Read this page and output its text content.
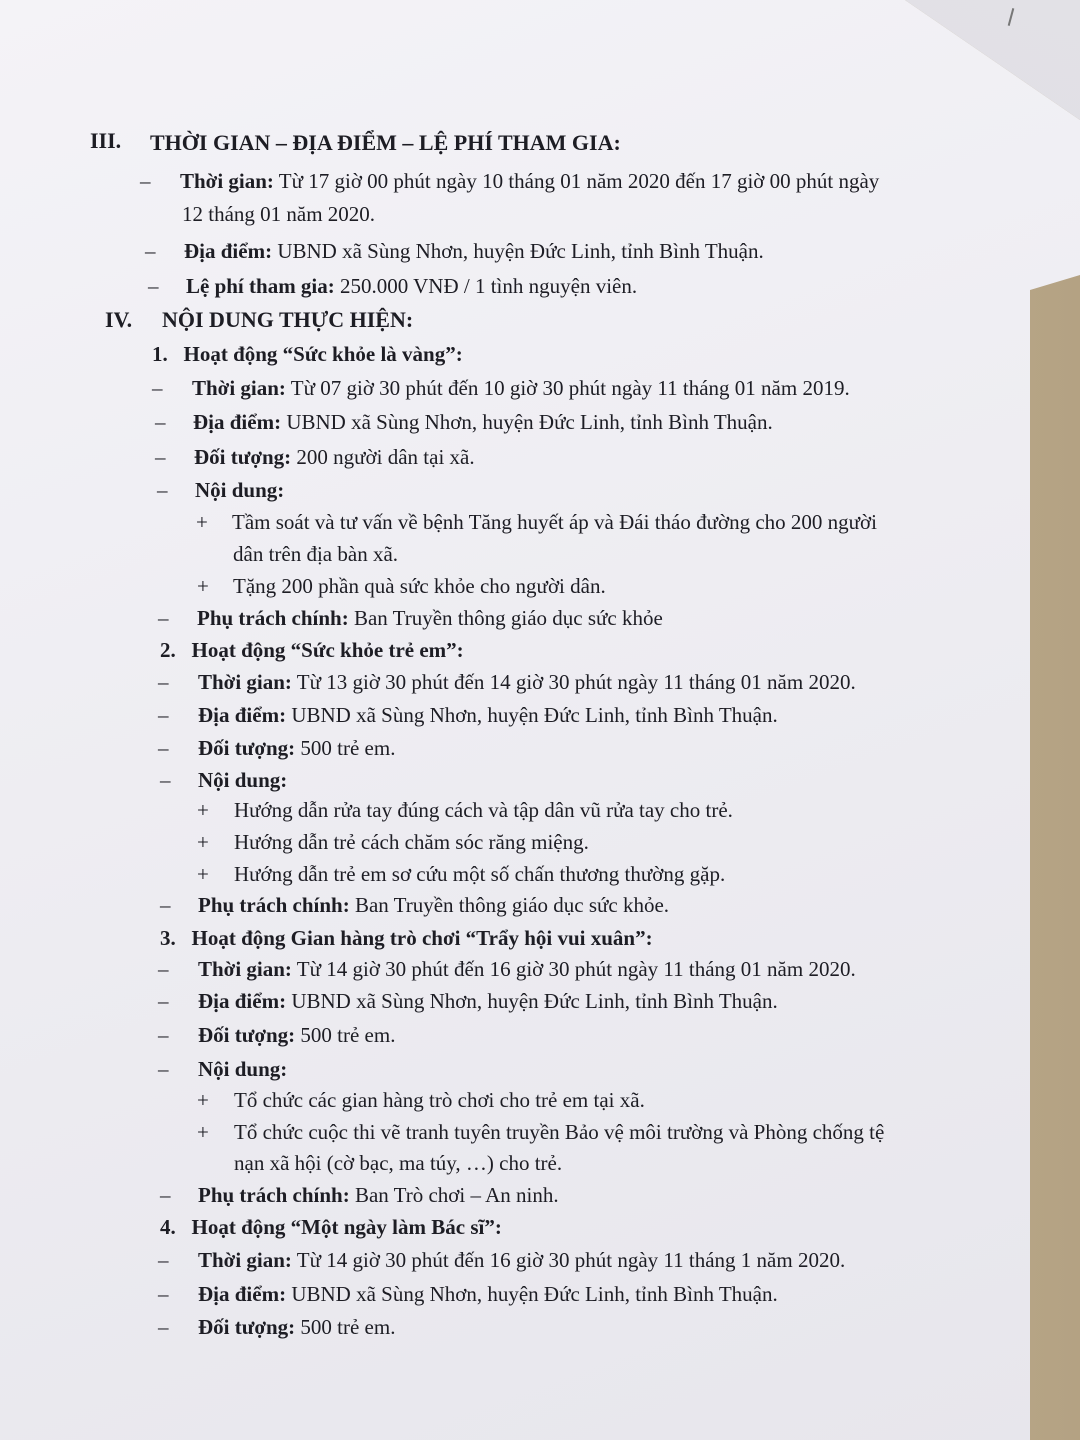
III. THỜI GIAN – ĐỊA ĐIỂM – LỆ PHÍ THAM GIA:
– Thời gian: Từ 17 giờ 00 phút ngày 10 tháng 01 năm 2020 đến 17 giờ 00 phút ngày
12 tháng 01 năm 2020.
– Địa điểm: UBND xã Sùng Nhơn, huyện Đức Linh, tỉnh Bình Thuận.
– Lệ phí tham gia: 250.000 VNĐ / 1 tình nguyện viên.
IV. NỘI DUNG THỰC HIỆN:
1. Hoạt động “Sức khỏe là vàng”:
– Thời gian: Từ 07 giờ 30 phút đến 10 giờ 30 phút ngày 11 tháng 01 năm 2019.
– Địa điểm: UBND xã Sùng Nhơn, huyện Đức Linh, tỉnh Bình Thuận.
– Đối tượng: 200 người dân tại xã.
– Nội dung:
+ Tầm soát và tư vấn về bệnh Tăng huyết áp và Đái tháo đường cho 200 người
dân trên địa bàn xã.
+ Tặng 200 phần quà sức khỏe cho người dân.
– Phụ trách chính: Ban Truyền thông giáo dục sức khỏe
2. Hoạt động “Sức khỏe trẻ em”:
– Thời gian: Từ 13 giờ 30 phút đến 14 giờ 30 phút ngày 11 tháng 01 năm 2020.
– Địa điểm: UBND xã Sùng Nhơn, huyện Đức Linh, tỉnh Bình Thuận.
– Đối tượng: 500 trẻ em.
– Nội dung:
+ Hướng dẫn rửa tay đúng cách và tập dân vũ rửa tay cho trẻ.
+ Hướng dẫn trẻ cách chăm sóc răng miệng.
+ Hướng dẫn trẻ em sơ cứu một số chấn thương thường gặp.
– Phụ trách chính: Ban Truyền thông giáo dục sức khỏe.
3. Hoạt động Gian hàng trò chơi “Trẩy hội vui xuân”:
– Thời gian: Từ 14 giờ 30 phút đến 16 giờ 30 phút ngày 11 tháng 01 năm 2020.
– Địa điểm: UBND xã Sùng Nhơn, huyện Đức Linh, tỉnh Bình Thuận.
– Đối tượng: 500 trẻ em.
– Nội dung:
+ Tổ chức các gian hàng trò chơi cho trẻ em tại xã.
+ Tổ chức cuộc thi vẽ tranh tuyên truyền Bảo vệ môi trường và Phòng chống tệ
nạn xã hội (cờ bạc, ma túy, …) cho trẻ.
– Phụ trách chính: Ban Trò chơi – An ninh.
4. Hoạt động “Một ngày làm Bác sĩ”:
– Thời gian: Từ 14 giờ 30 phút đến 16 giờ 30 phút ngày 11 tháng 1 năm 2020.
– Địa điểm: UBND xã Sùng Nhơn, huyện Đức Linh, tỉnh Bình Thuận.
– Đối tượng: 500 trẻ em.
